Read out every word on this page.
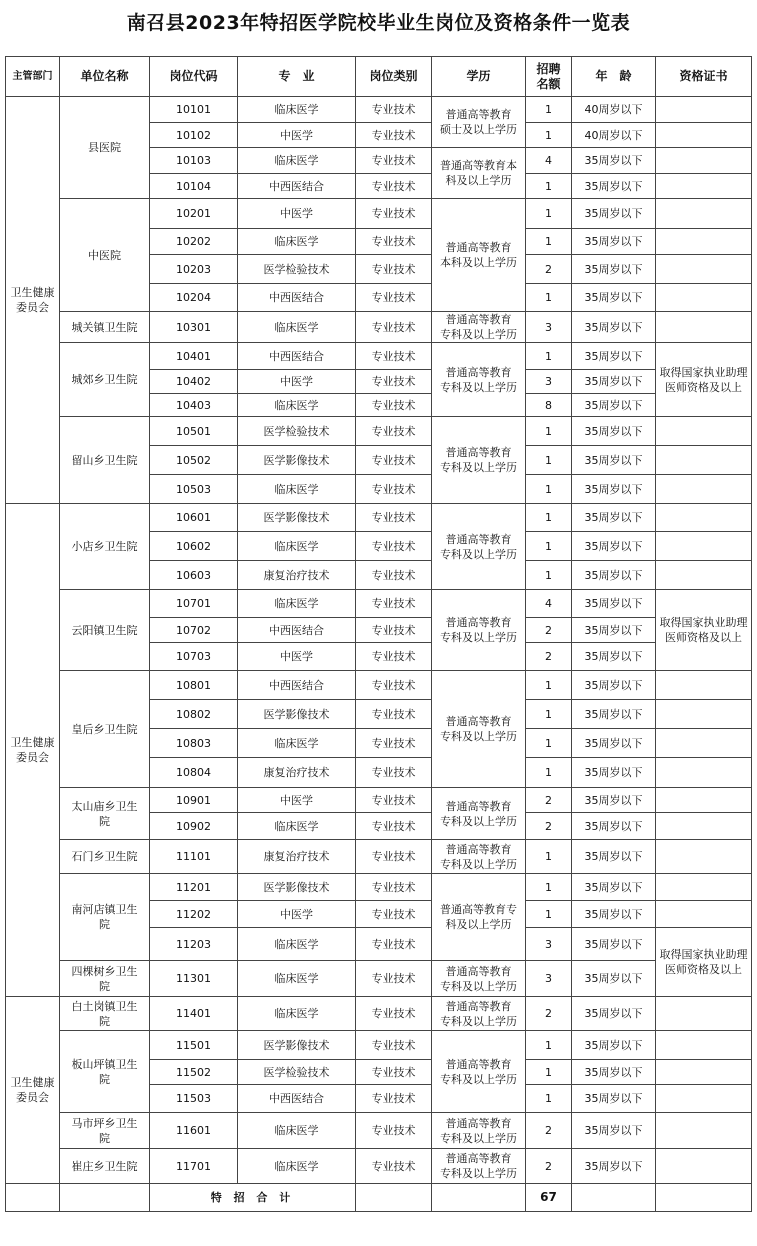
南召县2023年特招医学院校毕业生岗位及资格条件一览表
主管部门	单位名称	岗位代码	专　业	岗位类别	学历	招聘
名额	年　龄	资格证书
卫生健康
委员会	县医院	10101	临床医学	专业技术	普通高等教育
硕士及以上学历	1	40周岁以下	
		10102	中医学	专业技术		1	40周岁以下	
		10103	临床医学	专业技术	普通高等教育本
科及以上学历	4	35周岁以下	
		10104	中西医结合	专业技术		1	35周岁以下	
	中医院	10201	中医学	专业技术	普通高等教育
本科及以上学历	1	35周岁以下	
		10202	临床医学	专业技术		1	35周岁以下	
		10203	医学检验技术	专业技术		2	35周岁以下	
		10204	中西医结合	专业技术		1	35周岁以下	
	城关镇卫生院	10301	临床医学	专业技术	普通高等教育
专科及以上学历	3	35周岁以下	
	城郊乡卫生院	10401	中西医结合	专业技术	普通高等教育
专科及以上学历	1	35周岁以下	取得国家执业助理
医师资格及以上
		10402	中医学	专业技术		3	35周岁以下	
		10403	临床医学	专业技术		8	35周岁以下	
	留山乡卫生院	10501	医学检验技术	专业技术	普通高等教育
专科及以上学历	1	35周岁以下	
		10502	医学影像技术	专业技术		1	35周岁以下	
		10503	临床医学	专业技术		1	35周岁以下	
卫生健康
委员会	小店乡卫生院	10601	医学影像技术	专业技术	普通高等教育
专科及以上学历	1	35周岁以下	
		10602	临床医学	专业技术		1	35周岁以下	
		10603	康复治疗技术	专业技术		1	35周岁以下	
	云阳镇卫生院	10701	临床医学	专业技术	普通高等教育
专科及以上学历	4	35周岁以下	取得国家执业助理
医师资格及以上
		10702	中西医结合	专业技术		2	35周岁以下	
		10703	中医学	专业技术		2	35周岁以下	
	皇后乡卫生院	10801	中西医结合	专业技术	普通高等教育
专科及以上学历	1	35周岁以下	
		10802	医学影像技术	专业技术		1	35周岁以下	
		10803	临床医学	专业技术		1	35周岁以下	
		10804	康复治疗技术	专业技术		1	35周岁以下	
	太山庙乡卫生
院	10901	中医学	专业技术	普通高等教育
专科及以上学历	2	35周岁以下	
		10902	临床医学	专业技术		2	35周岁以下	
	石门乡卫生院	11101	康复治疗技术	专业技术	普通高等教育
专科及以上学历	1	35周岁以下	
	南河店镇卫生
院	11201	医学影像技术	专业技术	普通高等教育专
科及以上学历	1	35周岁以下	
		11202	中医学	专业技术		1	35周岁以下	
		11203	临床医学	专业技术		3	35周岁以下	取得国家执业助理
医师资格及以上
	四棵树乡卫生
院	11301	临床医学	专业技术	普通高等教育
专科及以上学历	3	35周岁以下	
卫生健康
委员会	白土岗镇卫生
院	11401	临床医学	专业技术	普通高等教育
专科及以上学历	2	35周岁以下	
	板山坪镇卫生
院	11501	医学影像技术	专业技术	普通高等教育
专科及以上学历	1	35周岁以下	
		11502	医学检验技术	专业技术		1	35周岁以下	
		11503	中西医结合	专业技术		1	35周岁以下	
	马市坪乡卫生
院	11601	临床医学	专业技术	普通高等教育
专科及以上学历	2	35周岁以下	
	崔庄乡卫生院	11701	临床医学	专业技术	普通高等教育
专科及以上学历	2	35周岁以下	
		特 招 合 计				67		
